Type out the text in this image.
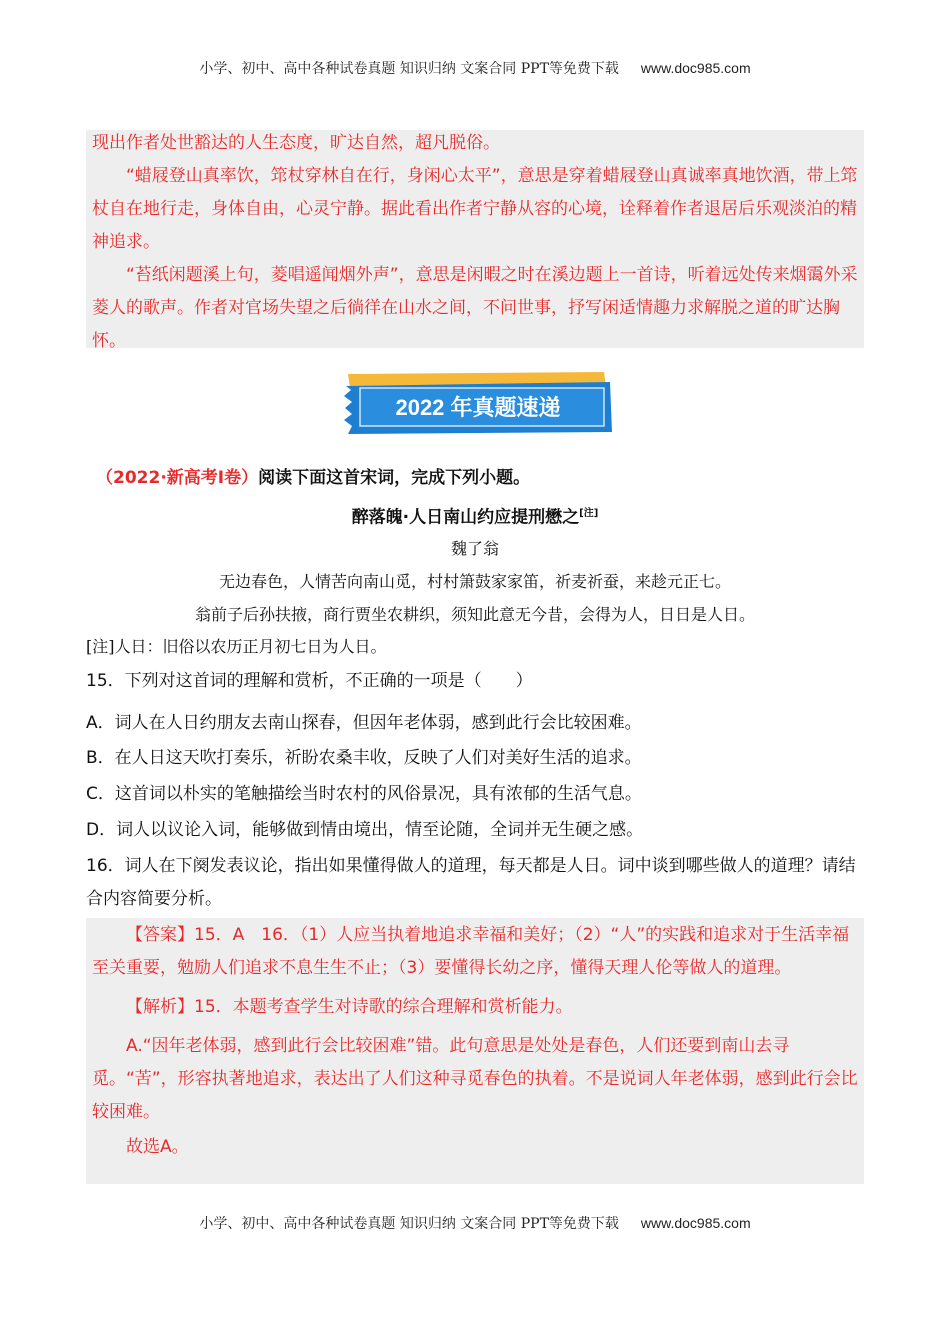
小学、初中、高中各种试卷真题 知识归纳 文案合同 PPT等免费下载 www.doc985.com

现出作者处世豁达的人生态度，旷达自然，超凡脱俗。

“蜡屐登山真率饮，筇杖穿林自在行，身闲心太平”，意思是穿着蜡屐登山真诚率真地饮酒，带上筇杖自在地行走，身体自由，心灵宁静。据此看出作者宁静从容的心境，诠释着作者退居后乐观淡泊的精神追求。

“苔纸闲题溪上句，菱唱遥闻烟外声”，意思是闲暇之时在溪边题上一首诗，听着远处传来烟霭外采菱人的歌声。作者对官场失望之后徜徉在山水之间，不问世事，抒写闲适情趣力求解脱之道的旷达胸怀。

2022 年真题速递
（2022·新高考Ⅰ卷）阅读下面这首宋词，完成下列小题。
醉落魄·人日南山约应提刑懋之[注]
魏了翁
无边春色，人情苦向南山觅，村村箫鼓家家笛，祈麦祈蚕，来趁元正七。
翁前子后孙扶掖，商行贾坐农耕织，须知此意无今昔，会得为人，日日是人日。
[注]人日：旧俗以农历正月初七日为人日。
15．下列对这首词的理解和赏析，不正确的一项是（　　）
A．词人在人日约朋友去南山探春，但因年老体弱，感到此行会比较困难。
B．在人日这天吹打奏乐，祈盼农桑丰收，反映了人们对美好生活的追求。
C．这首词以朴实的笔触描绘当时农村的风俗景况，具有浓郁的生活气息。
D．词人以议论入词，能够做到情由境出，情至论随，全词并无生硬之感。
16．词人在下阕发表议论，指出如果懂得做人的道理，每天都是人日。词中谈到哪些做人的道理？请结合内容简要分析。

【答案】15．A　16．（1）人应当执着地追求幸福和美好；（2）“人”的实践和追求对于生活幸福至关重要，勉励人们追求不息生生不止；（3）要懂得长幼之序，懂得天理人伦等做人的道理。

【解析】15．本题考查学生对诗歌的综合理解和赏析能力。

A.“因年老体弱，感到此行会比较困难”错。此句意思是处处是春色，人们还要到南山去寻觅。“苦”，形容执著地追求，表达出了人们这种寻觅春色的执着。不是说词人年老体弱，感到此行会比较困难。

故选A。

小学、初中、高中各种试卷真题 知识归纳 文案合同 PPT等免费下载 www.doc985.com
